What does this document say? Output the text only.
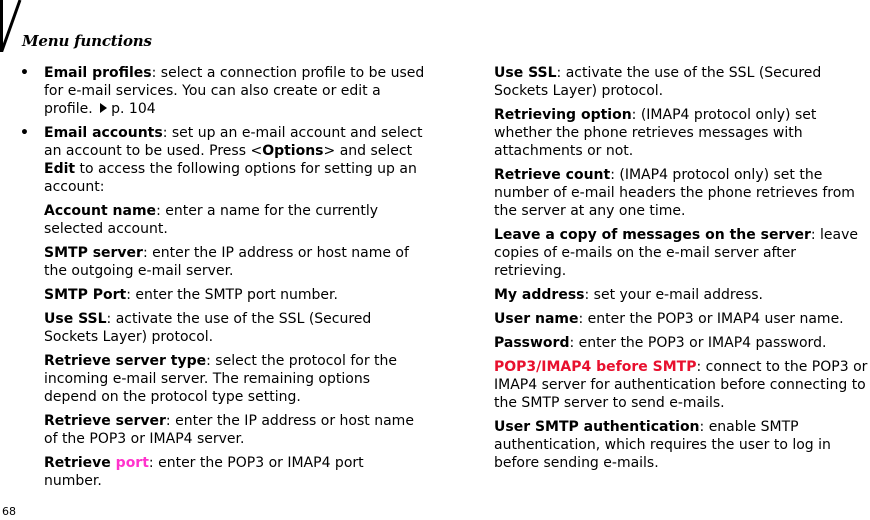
Menu functions
• Email profiles: select a connection profile to be used for e-mail services. You can also create or edit a profile. p. 104
• Email accounts: set up an e-mail account and select an account to be used. Press <Options> and select Edit to access the following options for setting up an account:
Account name: enter a name for the currently selected account.
SMTP server: enter the IP address or host name of the outgoing e-mail server.
SMTP Port: enter the SMTP port number.
Use SSL: activate the use of the SSL (Secured Sockets Layer) protocol.
Retrieve server type: select the protocol for the incoming e-mail server. The remaining options depend on the protocol type setting.
Retrieve server: enter the IP address or host name of the POP3 or IMAP4 server.
Retrieve port: enter the POP3 or IMAP4 port number.
Use SSL: activate the use of the SSL (Secured Sockets Layer) protocol.
Retrieving option: (IMAP4 protocol only) set whether the phone retrieves messages with attachments or not.
Retrieve count: (IMAP4 protocol only) set the number of e-mail headers the phone retrieves from the server at any one time.
Leave a copy of messages on the server: leave copies of e-mails on the e-mail server after retrieving.
My address: set your e-mail address.
User name: enter the POP3 or IMAP4 user name.
Password: enter the POP3 or IMAP4 password.
POP3/IMAP4 before SMTP: connect to the POP3 or IMAP4 server for authentication before connecting to the SMTP server to send e-mails.
User SMTP authentication: enable SMTP authentication, which requires the user to log in before sending e-mails.
68
